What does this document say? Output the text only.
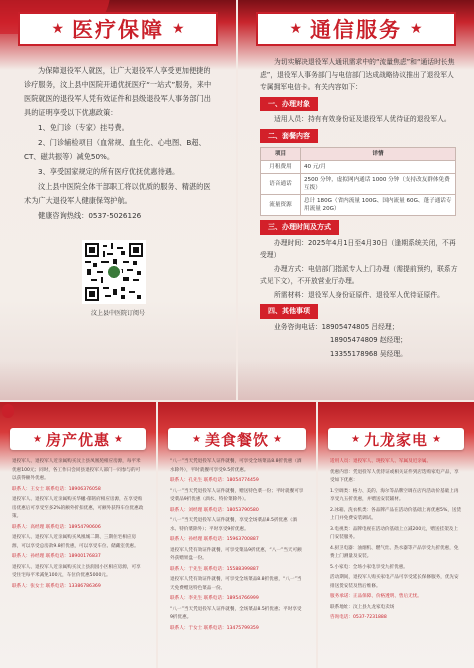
★ 医疗保障 ★

为保障退役军人就医，让广大退役军人享受更加便捷的诊疗服务，汶上县中医院开通优抚医疗“一站式”服务，来中医院就医的退役军人凭有效证件和县级退役军人事务部门出具的证明享受以下优惠政策：

1、免门诊（专家）挂号费。

2、门诊辅检项目（血常规、血生化、心电图、B超、CT、磁共振等）减免50%。

3、享受国家规定的所有医疗优抚优惠待遇。

汶上县中医院全体干部职工将以优质的服务、精湛的医术为广大退役军人健康保驾护航。

健康咨询热线：0537-5026126

汶上县中医院订阅号
★ 通信服务 ★

为切实解决退役军人通讯需求中的“流量焦虑”和“通话时长焦虑”，退役军人事务部门与电信部门达成战略协议推出了退役军人专属拥军电信卡。有关内容如下：

一、办理对象

适用人员：持有有效身份证及退役军人优待证的退役军人。

二、套餐内容
项目	详情
月租费用	40 元/月
语音通话	2500 分钟，虚拟网内通话 1000 分钟（支持改友群体免费互拨）
流量资源	总计 180G（省内流量 100G、国内流量 60G、蓬子通话专用流量 20G）
三、办理时间及方式

办理时间：2025年4月1日至4月30日（逢期系统关闭，不再受理）

办理方式：电信部门指派专人上门办理（需提前预约，联系方式见下文），不开放营业厅办理。

所需材料：退役军人身份证原件、退役军人优待证原件。

四、其他事项

业务咨询电话：18905474805 吕经理；

18905474809 赵经理；

13355178968 吴经理。

★ 房产优惠 ★

退役军人、退役军人近亲属购买汶上县凤凰苑相应房源，每平米优惠100元；同时，各工作日会同县退役军人部门一同参与的可以获得额外优惠。

联系人：王女士 联系电话：18906376058

退役军人、退役军人近亲属购买华樾·郁铭府相应房源，在享受购房优惠后可享受至多2%的额外折扣优惠，可额外获得车位优惠政策。

联系人：高经理 联系电话：18954790606

退役军人、退役军人近亲属购买凤凰城二期、三期住宅相应房源，可以享受总房款9.8折优惠，可以享受车位、储藏室优惠。

联系人：孙经理 联系电话：18900176837

退役军人、退役军人近亲属购买汶上县润园小区相应房源，可享受住宅每平米减免100元，车位价优惠5000元。

联系人：张女士 联系电话：13386786369

★ 美食餐饮 ★

“八一”当天凭退役军人证件就餐，可享受全场菜品8.8折优惠（酒水除外），平时就餐可享受9.5折优惠。

联系人：孔先生 联系电话：18054774459

“八一”当天凭退役军人证件就餐，赠送特色菜一份；平时就餐可享受菜品9折优惠（酒水、特价菜除外）。

联系人：刘经理 联系电话：18053790580

“八一”当天凭退役军人证件就餐，享受全场菜品8.5折优惠（酒水、特价菜除外）；平时享受9折优惠。

联系人：孙经理 联系电话：15963700887

退役军人凭有效证件就餐，可享受菜品9折优惠，“八一”当天可额外获赠果盘一份。

联系人：于先生 联系电话：15588399887

退役军人凭有效证件就餐，可享受全场菜品8.8折优惠，“八一”当天免费赠送特色菜品一份。

联系人：李先生 联系电话：18954766999

“八一”当天凭退役军人证件就餐，全场菜品8.5折优惠；平时享受9折优惠。

联系人：于女士 联系电话：13475799359

★ 九龙家电 ★

适用人员：退役军人、现役军人、军属及近亲属。

优惠内容：凭退役军人优待证或相关证件到店选购家电产品，享受如下优惠：

1.空调类：格力、美的、海尔等品牌空调在店内活动价基础上再享受九五折优惠，并赠送安装辅材。

2.冰箱、洗衣机类：各品牌产品在活动价基础上再优惠5%，送货上门并免费安装调试。

3.电视类：品牌电视在活动价基础上立减200元，赠送挂架及上门安装服务。

4.厨卫电器：油烟机、燃气灶、热水器等产品享受九折优惠，免费上门测量及安装。

5.小家电：全场小家电享受九折优惠。

活动期间，退役军人购买家电产品可享受延长保修服务，优先安排送货安装及售后维修。

服务承诺：正品保障、价格透明、售后无忧。

联系地址：汶上县九龙家电卖场

咨询电话：0537-7231888
